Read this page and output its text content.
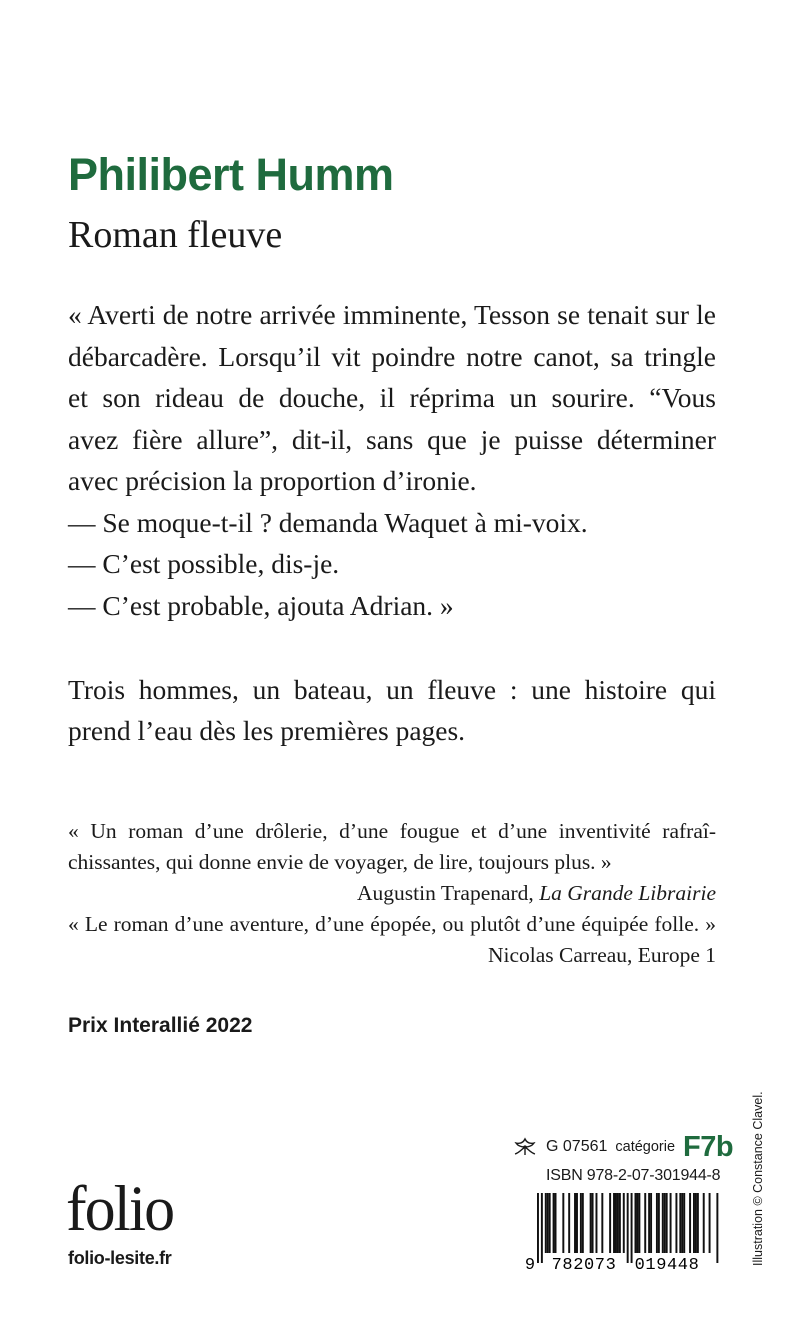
Philibert Humm
Roman fleuve
« Averti de notre arrivée imminente, Tesson se tenait sur le
débarcadère. Lorsqu’il vit poindre notre canot, sa tringle
et son rideau de douche, il réprima un sourire. “Vous
avez fière allure”, dit-il, sans que je puisse déterminer
avec précision la proportion d’ironie.
— Se moque-t-il ? demanda Waquet à mi-voix.
— C’est possible, dis-je.
— C’est probable, ajouta Adrian. »
Trois hommes, un bateau, un fleuve : une histoire qui
prend l’eau dès les premières pages.
« Un roman d’une drôlerie, d’une fougue et d’une inventivité rafraî-
chissantes, qui donne envie de voyager, de lire, toujours plus. »
Augustin Trapenard, La Grande Librairie
« Le roman d’une aventure, d’une épopée, ou plutôt d’une équipée folle. »
Nicolas Carreau, Europe 1
Prix Interallié 2022
G 07561 catégorie F7b
ISBN 978-2-07-301944-8
9 782073 019448
folio
folio-lesite.fr	Illustration © Constance Clavel.
